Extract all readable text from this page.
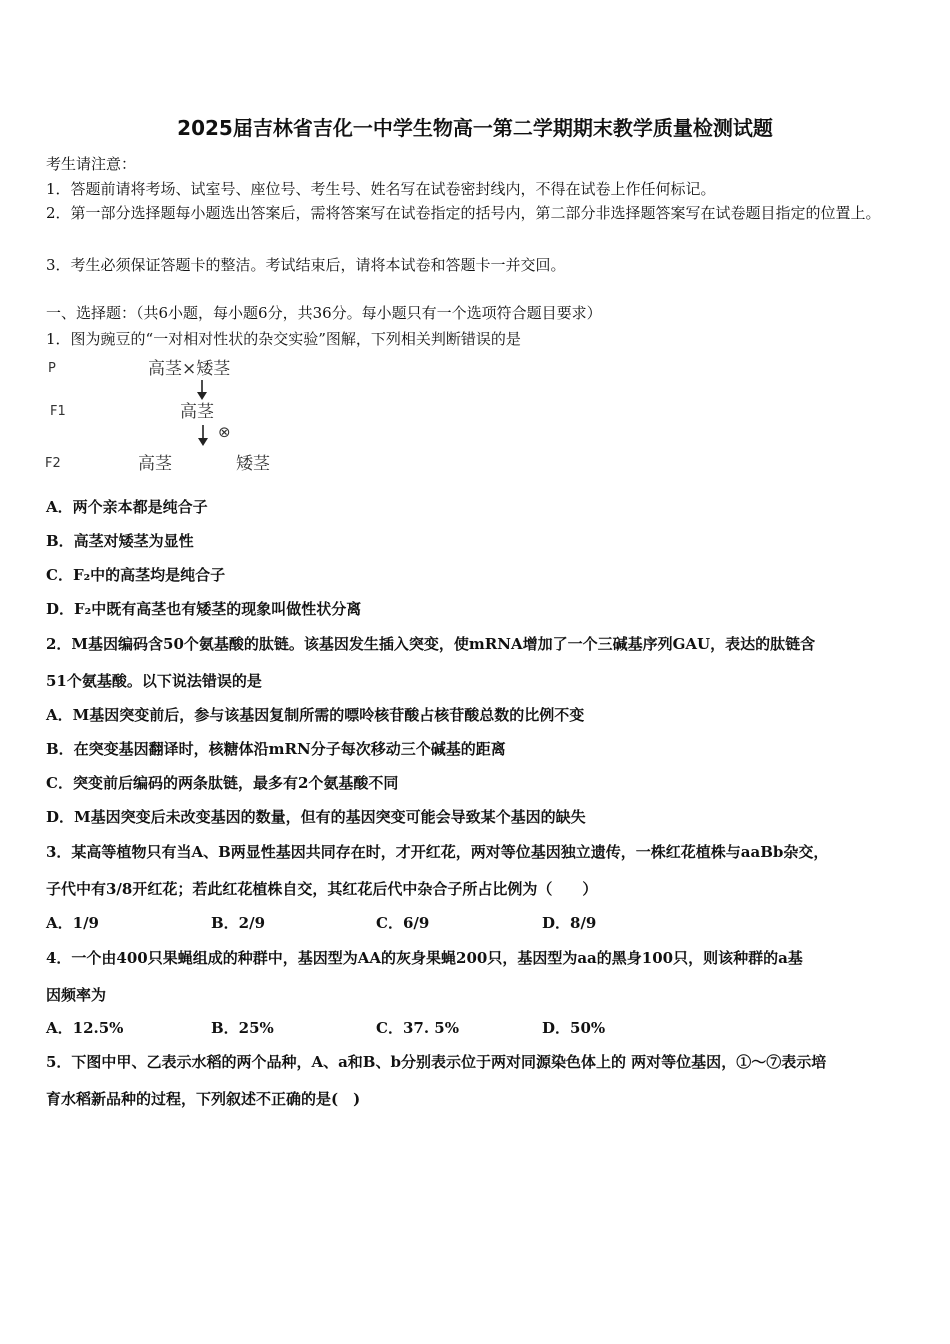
2025届吉林省吉化一中学生物高一第二学期期末教学质量检测试题
考生请注意：
1．答题前请将考场、试室号、座位号、考生号、姓名写在试卷密封线内，不得在试卷上作任何标记。
2．第一部分选择题每小题选出答案后，需将答案写在试卷指定的括号内，第二部分非选择题答案写在试卷题目指定的位置上。
3．考生必须保证答题卡的整洁。考试结束后，请将本试卷和答题卡一并交回。
一、选择题：（共6小题，每小题6分，共36分。每小题只有一个选项符合题目要求）
1．图为豌豆的“一对相对性状的杂交实验”图解，下列相关判断错误的是
P	高茎×矮茎
F1	高茎
⊗
F2	高茎	矮茎
A．两个亲本都是纯合子
B．高茎对矮茎为显性
C．F₂中的高茎均是纯合子
D．F₂中既有高茎也有矮茎的现象叫做性状分离
2．M基因编码含50个氨基酸的肽链。该基因发生插入突变，使mRNA增加了一个三碱基序列GAU，表达的肽链含
51个氨基酸。以下说法错误的是
A．M基因突变前后，参与该基因复制所需的嘌呤核苷酸占核苷酸总数的比例不变
B．在突变基因翻译时，核糖体沿mRN分子每次移动三个碱基的距离
C．突变前后编码的两条肽链，最多有2个氨基酸不同
D．M基因突变后未改变基因的数量，但有的基因突变可能会导致某个基因的缺失
3．某高等植物只有当A、B两显性基因共同存在时，才开红花，两对等位基因独立遗传，一株红花植株与aaBb杂交，
子代中有3/8开红花；若此红花植株自交，其红花后代中杂合子所占比例为（　　）
A．1/9	B．2/9	C．6/9	D．8/9
4．一个由400只果蝇组成的种群中，基因型为AA的灰身果蝇200只，基因型为aa的黑身100只，则该种群的a基
因频率为
A．12.5%	B．25%	C．37. 5%	D．50%
5．下图中甲、乙表示水稻的两个品种，A、a和B、b分别表示位于两对同源染色体上的 两对等位基因，①～⑦表示培
育水稻新品种的过程，下列叙述不正确的是(　)
